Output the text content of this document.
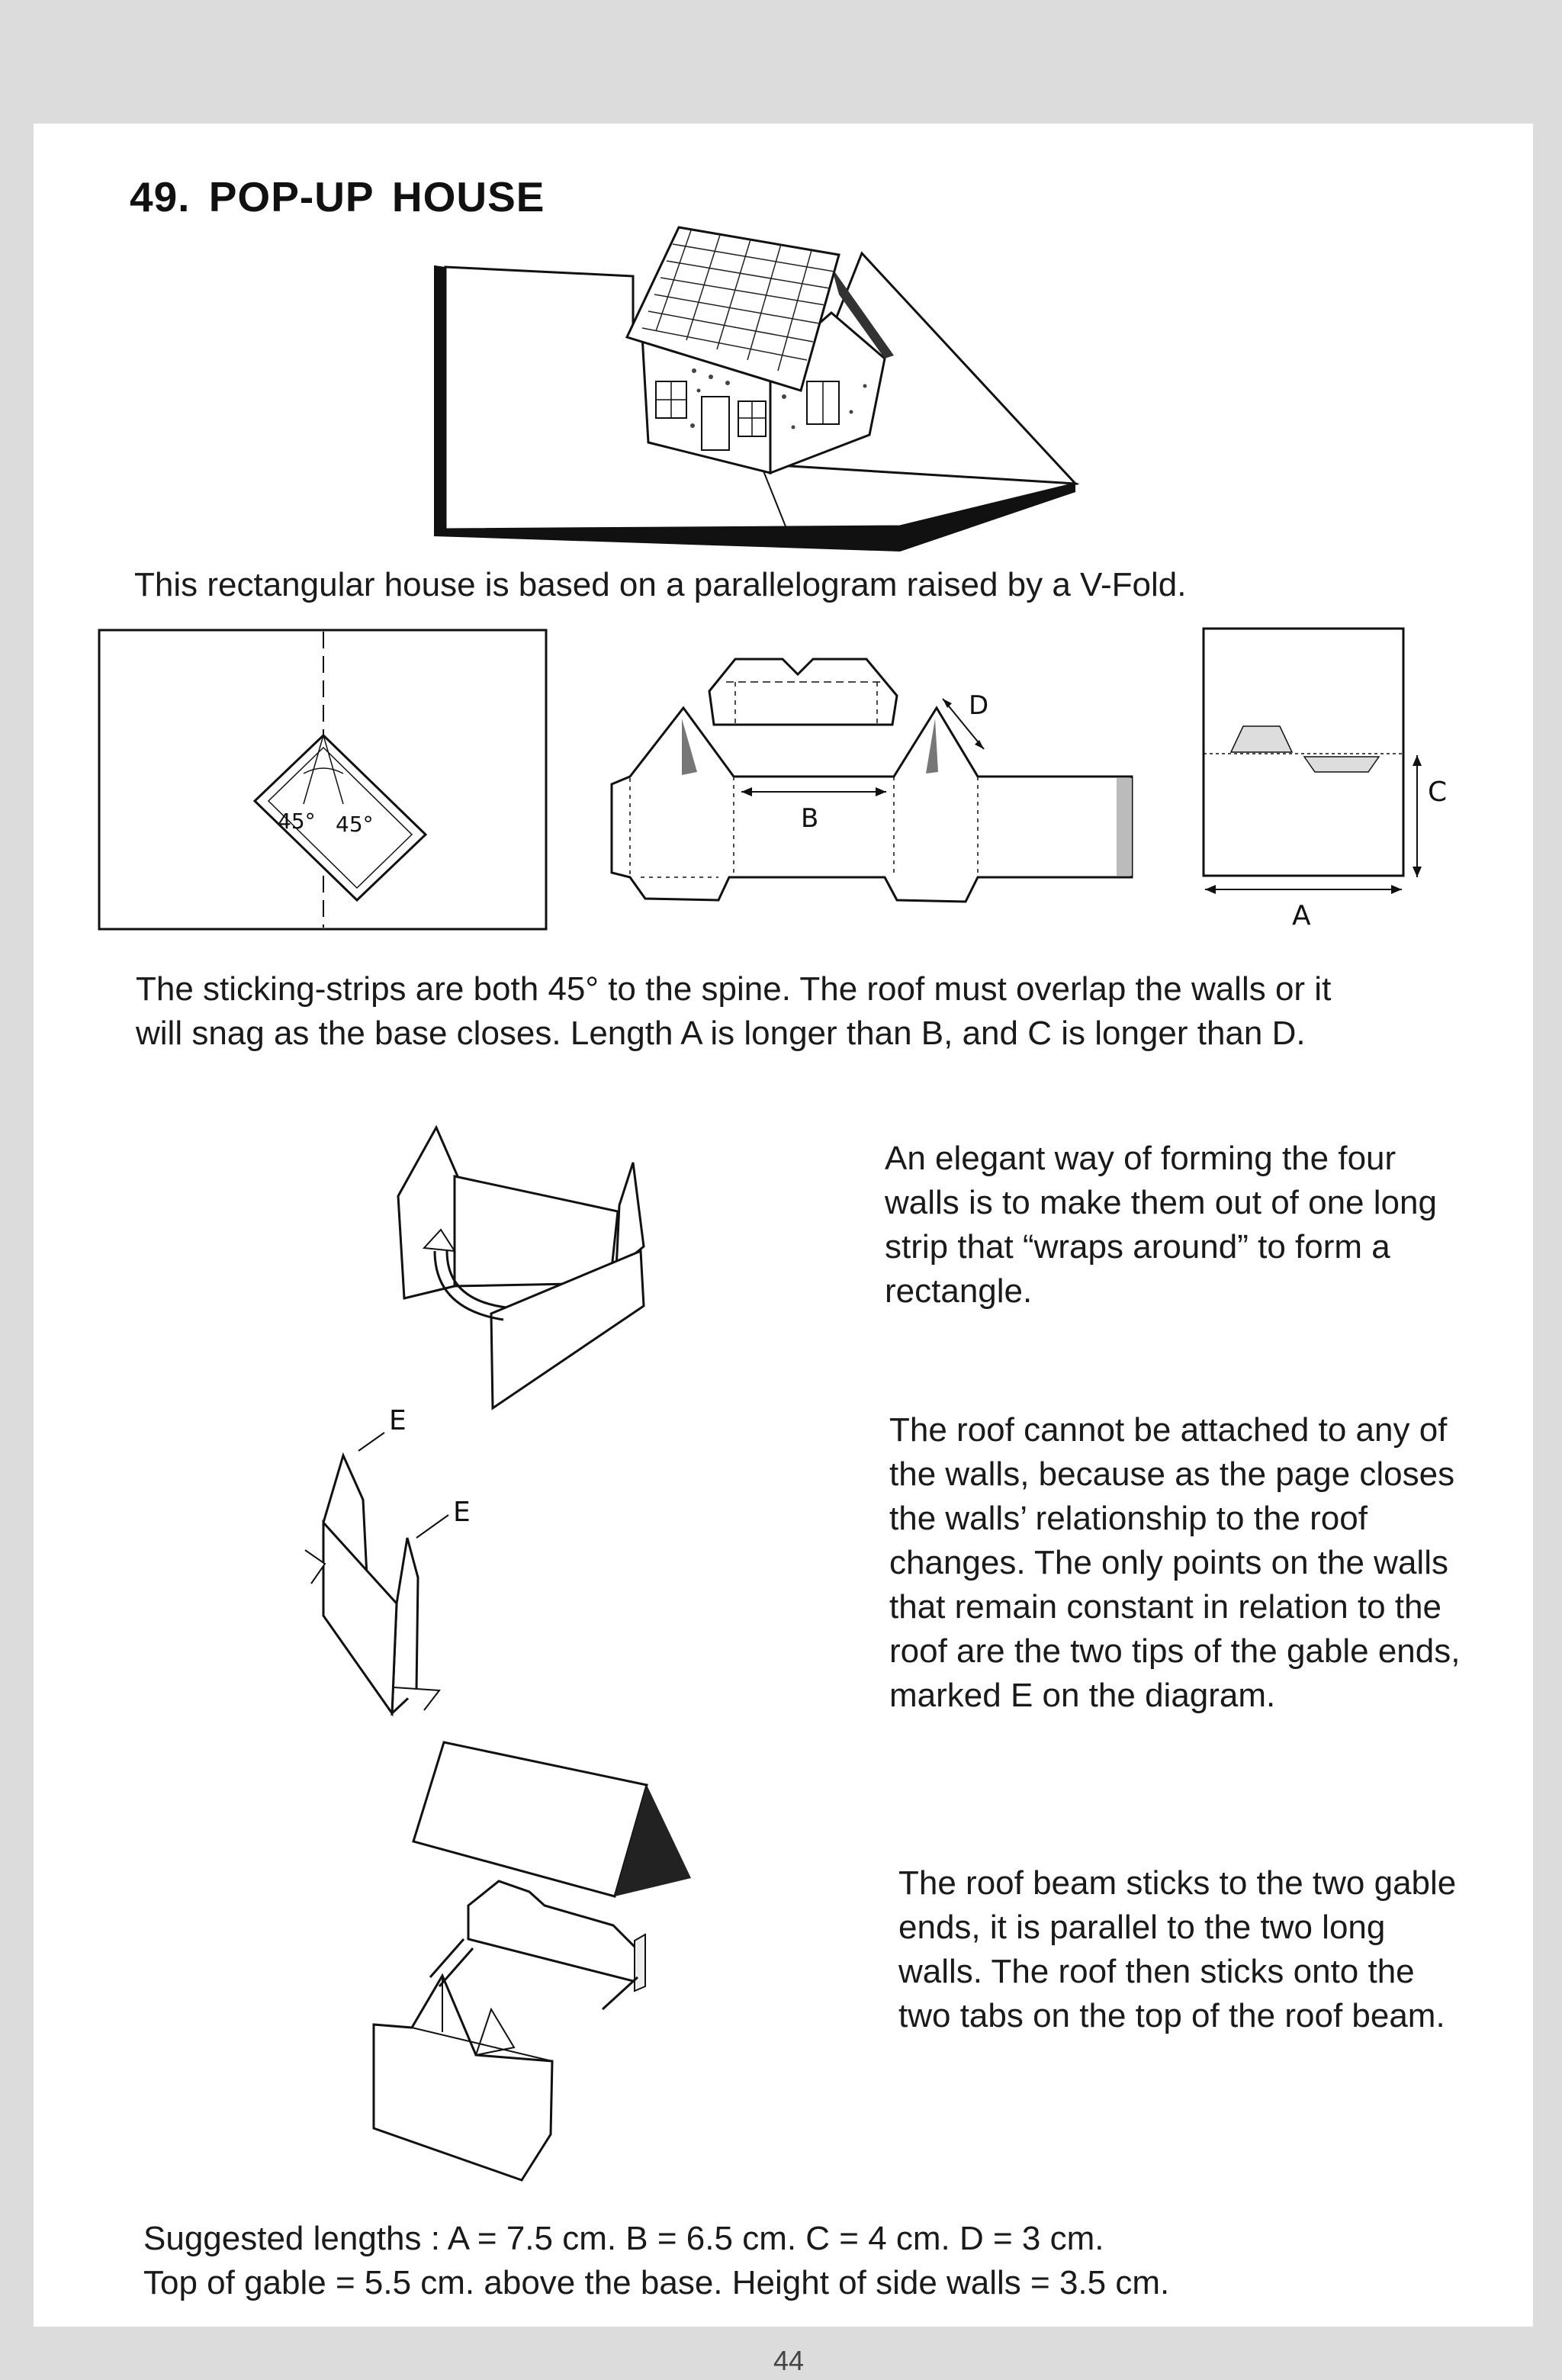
49. POP-UP HOUSE
This rectangular house is based on a parallelogram raised by a V-Fold.
45° 45°	B
D
C
A
The sticking-strips are both 45° to the spine. The roof must overlap the walls or it will snag as the base closes. Length A is longer than B, and C is longer than D.
An elegant way of forming the four walls is to make them out of one long strip that “wraps around” to form a rectangle.
E
E
The roof cannot be attached to any of the walls, because as the page closes the walls’ relationship to the roof changes. The only points on the walls that remain constant in relation to the roof are the two tips of the gable ends, marked E on the diagram.
The roof beam sticks to the two gable ends, it is parallel to the two long walls. The roof then sticks onto the two tabs on the top of the roof beam.
Suggested lengths : A = 7.5 cm. B = 6.5 cm. C = 4 cm. D = 3 cm.
Top of gable = 5.5 cm. above the base. Height of side walls = 3.5 cm.
44
